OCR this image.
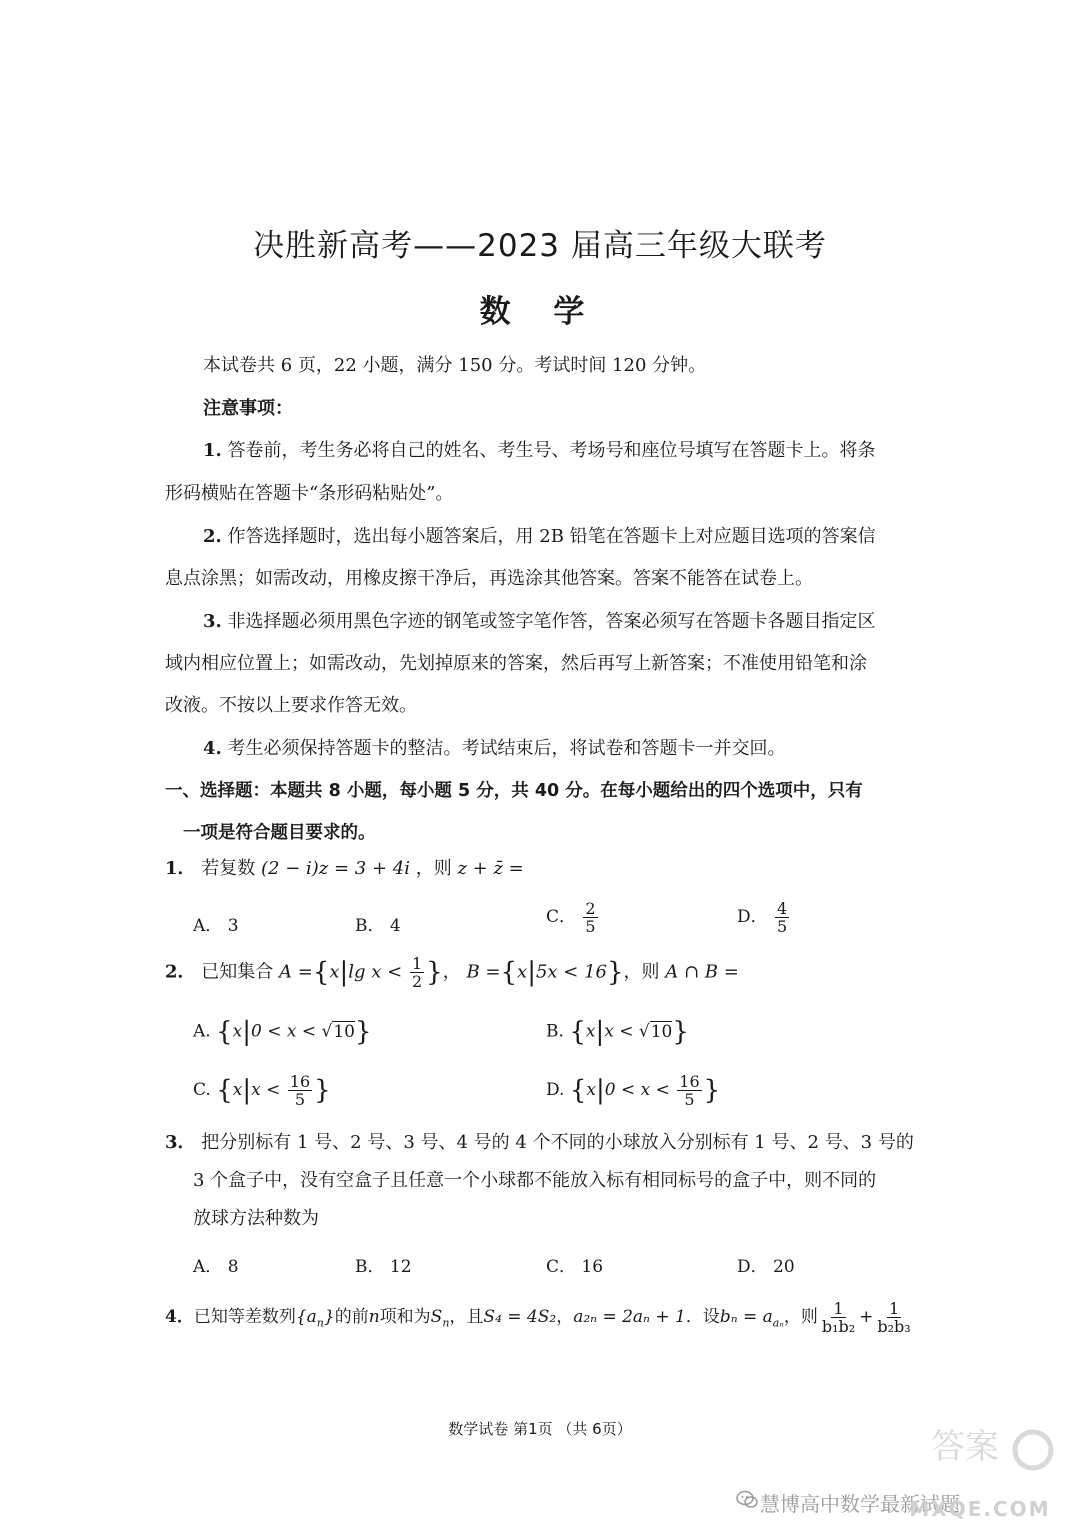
决胜新高考——2023 届高三年级大联考
数 学
本试卷共 6 页，22 小题，满分 150 分。考试时间 120 分钟。
注意事项：
1. 答卷前，考生务必将自己的姓名、考生号、考场号和座位号填写在答题卡上。将条
形码横贴在答题卡“条形码粘贴处”。
2. 作答选择题时，选出每小题答案后，用 2B 铅笔在答题卡上对应题目选项的答案信
息点涂黑；如需改动，用橡皮擦干净后，再选涂其他答案。答案不能答在试卷上。
3. 非选择题必须用黑色字迹的钢笔或签字笔作答，答案必须写在答题卡各题目指定区
域内相应位置上；如需改动，先划掉原来的答案，然后再写上新答案；不准使用铅笔和涂
改液。不按以上要求作答无效。
4. 考生必须保持答题卡的整洁。考试结束后，将试卷和答题卡一并交回。
一、选择题：本题共 8 小题，每小题 5 分，共 40 分。在每小题给出的四个选项中，只有
一项是符合题目要求的。
1． 若复数 (2 − i)z = 3 + 4i ，则 z + z̄ =
A． 3	B． 4	C． $\frac{2}{5}$	D． $\frac{4}{5}$
2． 已知集合 A ={x|lg $x < \frac{1}{2}$ }， B ={x|5x < 16}，则 A ∩ B =
A. {x|0 < x < √10}	B. {x|x < √10}
C. {$x|x < \frac{16}{5}$ }	D. {$x|0 < x < \frac{16}{5}$ }
3． 把分别标有 1 号、2 号、3 号、4 号的 4 个不同的小球放入分别标有 1 号、2 号、3 号的
3 个盒子中，没有空盒子且任意一个小球都不能放入标有相同标号的盒子中，则不同的
放球方法种数为
A． 8	B． 12	C． 16	D． 20
4．已知等差数列$\{a_n\}$的前n项和为$S_n$，且S₄ = 4S₂，a₂ₙ = 2aₙ + 1．设$b_n = a_{a_n}$，则 $\frac{1}{\text{b₁b₂}} + \frac{1}{\text{b₂b₃}}$
数学试卷 第1页 （共 6页）
慧博高中数学最新试题
答案
MXQE.COM
